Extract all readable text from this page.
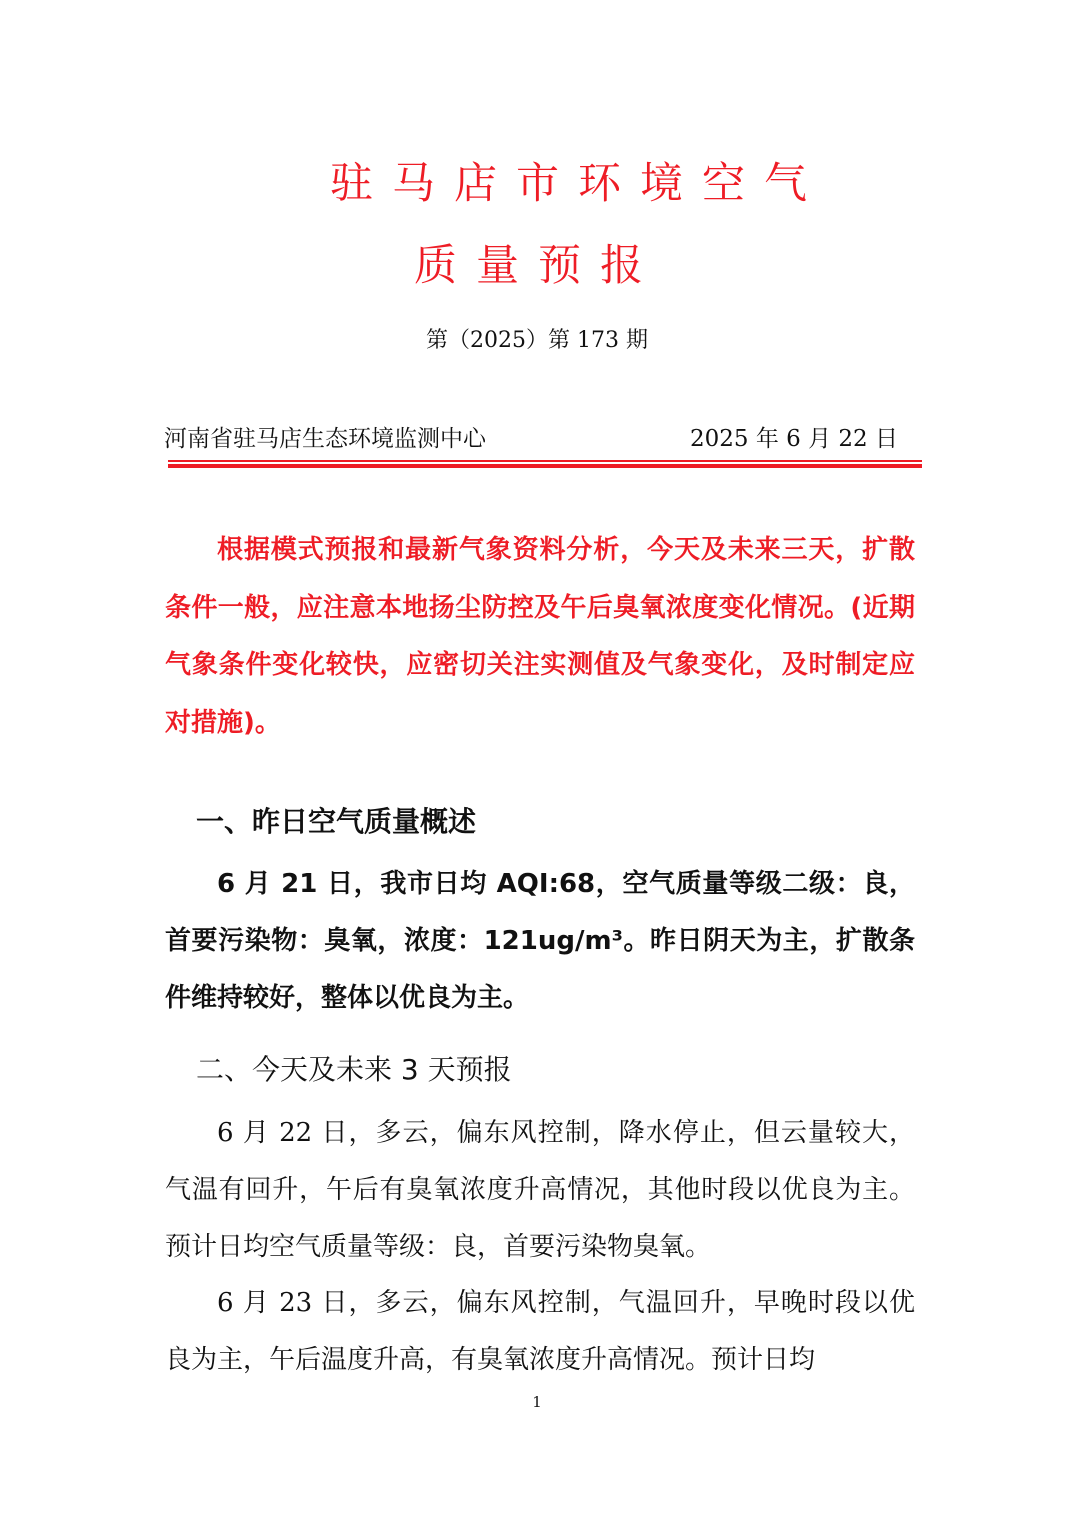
驻马店市环境空气
质量预报
第（2025）第 173 期
河南省驻马店生态环境监测中心	2025 年 6 月 22 日

根据模式预报和最新气象资料分析，今天及未来三天，扩散条件一般，应注意本地扬尘防控及午后臭氧浓度变化情况。(近期气象条件变化较快，应密切关注实测值及气象变化，及时制定应对措施)。

一、昨日空气质量概述

6 月 21 日，我市日均 AQI:68，空气质量等级二级：良，首要污染物：臭氧，浓度：121ug/m³。昨日阴天为主，扩散条件维持较好，整体以优良为主。

二、今天及未来 3 天预报

6 月 22 日，多云，偏东风控制，降水停止，但云量较大，气温有回升，午后有臭氧浓度升高情况，其他时段以优良为主。预计日均空气质量等级：良，首要污染物臭氧。

6 月 23 日，多云，偏东风控制，气温回升，早晚时段以优良为主，午后温度升高，有臭氧浓度升高情况。预计日均

1
